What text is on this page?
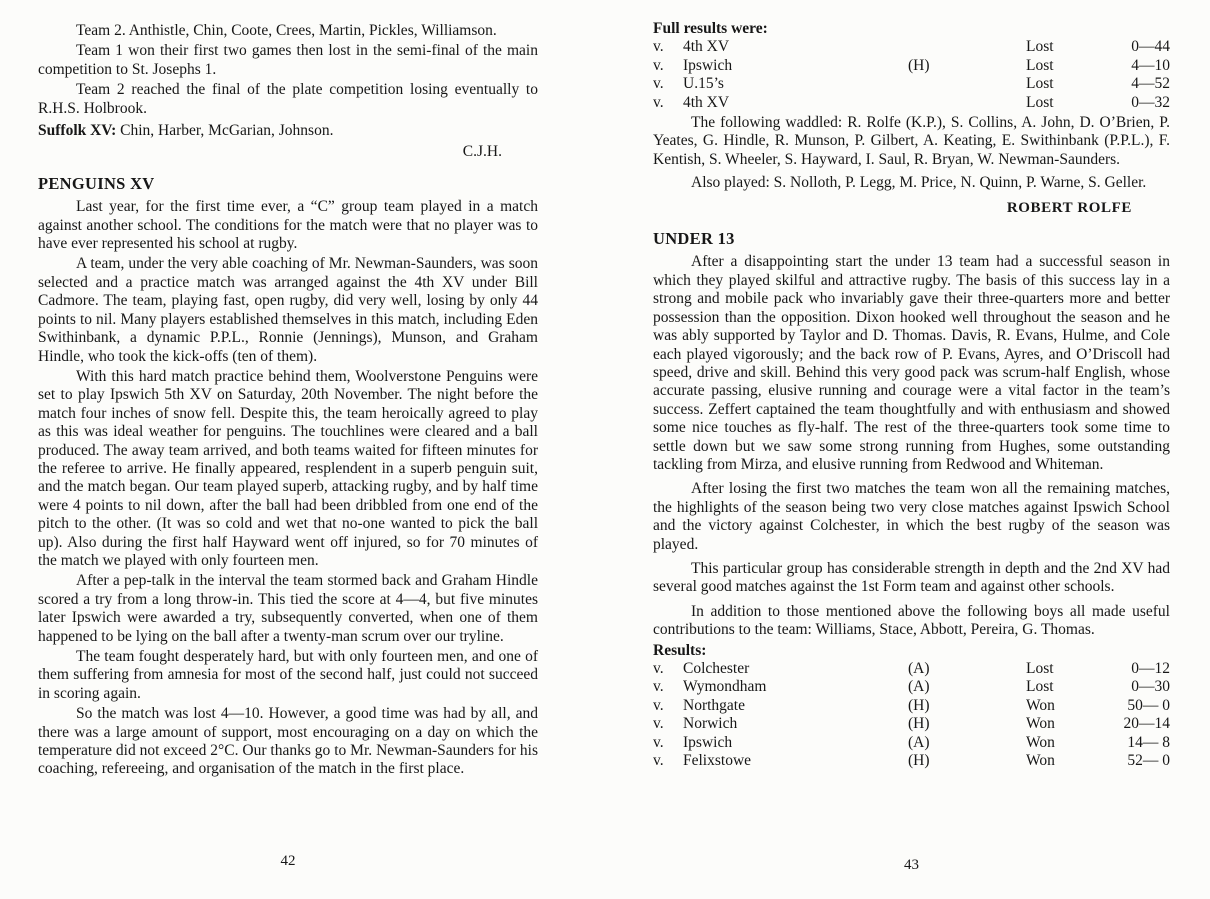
Team 2. Anthistle, Chin, Coote, Crees, Martin, Pickles, Williamson.

Team 1 won their first two games then lost in the semi-final of the main competition to St. Josephs 1.

Team 2 reached the final of the plate competition losing eventually to R.H.S. Holbrook.

Suffolk XV: Chin, Harber, McGarian, Johnson.

C.J.H.

PENGUINS XV

Last year, for the first time ever, a “C” group team played in a match against another school. The conditions for the match were that no player was to have ever represented his school at rugby.

A team, under the very able coaching of Mr. Newman-Saunders, was soon selected and a practice match was arranged against the 4th XV under Bill Cadmore. The team, playing fast, open rugby, did very well, losing by only 44 points to nil. Many players established themselves in this match, including Eden Swithinbank, a dynamic P.P.L., Ronnie (Jennings), Munson, and Graham Hindle, who took the kick-offs (ten of them).

With this hard match practice behind them, Woolverstone Penguins were set to play Ipswich 5th XV on Saturday, 20th November. The night before the match four inches of snow fell. Despite this, the team heroically agreed to play as this was ideal weather for penguins. The touchlines were cleared and a ball produced. The away team arrived, and both teams waited for fifteen minutes for the referee to arrive. He finally appeared, resplendent in a superb penguin suit, and the match began. Our team played superb, attacking rugby, and by half time were 4 points to nil down, after the ball had been dribbled from one end of the pitch to the other. (It was so cold and wet that no-one wanted to pick the ball up). Also during the first half Hayward went off injured, so for 70 minutes of the match we played with only fourteen men.

After a pep-talk in the interval the team stormed back and Graham Hindle scored a try from a long throw-in. This tied the score at 4—4, but five minutes later Ipswich were awarded a try, subsequently converted, when one of them happened to be lying on the ball after a twenty-man scrum over our tryline.

The team fought desperately hard, but with only fourteen men, and one of them suffering from amnesia for most of the second half, just could not succeed in scoring again.

So the match was lost 4—10. However, a good time was had by all, and there was a large amount of support, most encouraging on a day on which the temperature did not exceed 2°C. Our thanks go to Mr. Newman-Saunders for his coaching, refereeing, and organisation of the match in the first place.

42

Full results were:

v.	4th XV	Lost	0—44
v.	Ipswich	(H)	Lost	4—10
v.	U.15’s	Lost	4—52
v.	4th XV	Lost	0—32

The following waddled: R. Rolfe (K.P.), S. Collins, A. John, D. O’Brien, P. Yeates, G. Hindle, R. Munson, P. Gilbert, A. Keating, E. Swithinbank (P.P.L.), F. Kentish, S. Wheeler, S. Hayward, I. Saul, R. Bryan, W. Newman-Saunders.

Also played: S. Nolloth, P. Legg, M. Price, N. Quinn, P. Warne, S. Geller.

ROBERT ROLFE

UNDER 13

After a disappointing start the under 13 team had a successful season in which they played skilful and attractive rugby. The basis of this success lay in a strong and mobile pack who invariably gave their three-quarters more and better possession than the opposition. Dixon hooked well throughout the season and he was ably supported by Taylor and D. Thomas. Davis, R. Evans, Hulme, and Cole each played vigorously; and the back row of P. Evans, Ayres, and O’Driscoll had speed, drive and skill. Behind this very good pack was scrum-half English, whose accurate passing, elusive running and courage were a vital factor in the team’s success. Zeffert captained the team thoughtfully and with enthusiasm and showed some nice touches as fly-half. The rest of the three-quarters took some time to settle down but we saw some strong running from Hughes, some outstanding tackling from Mirza, and elusive running from Redwood and Whiteman.

After losing the first two matches the team won all the remaining matches, the highlights of the season being two very close matches against Ipswich School and the victory against Colchester, in which the best rugby of the season was played.

This particular group has considerable strength in depth and the 2nd XV had several good matches against the 1st Form team and against other schools.

In addition to those mentioned above the following boys all made useful contributions to the team: Williams, Stace, Abbott, Pereira, G. Thomas.

Results:

v.	Colchester	(A)	Lost	0—12
v.	Wymondham	(A)	Lost	0—30
v.	Northgate	(H)	Won	50— 0
v.	Norwich	(H)	Won	20—14
v.	Ipswich	(A)	Won	14— 8
v.	Felixstowe	(H)	Won	52— 0
43
